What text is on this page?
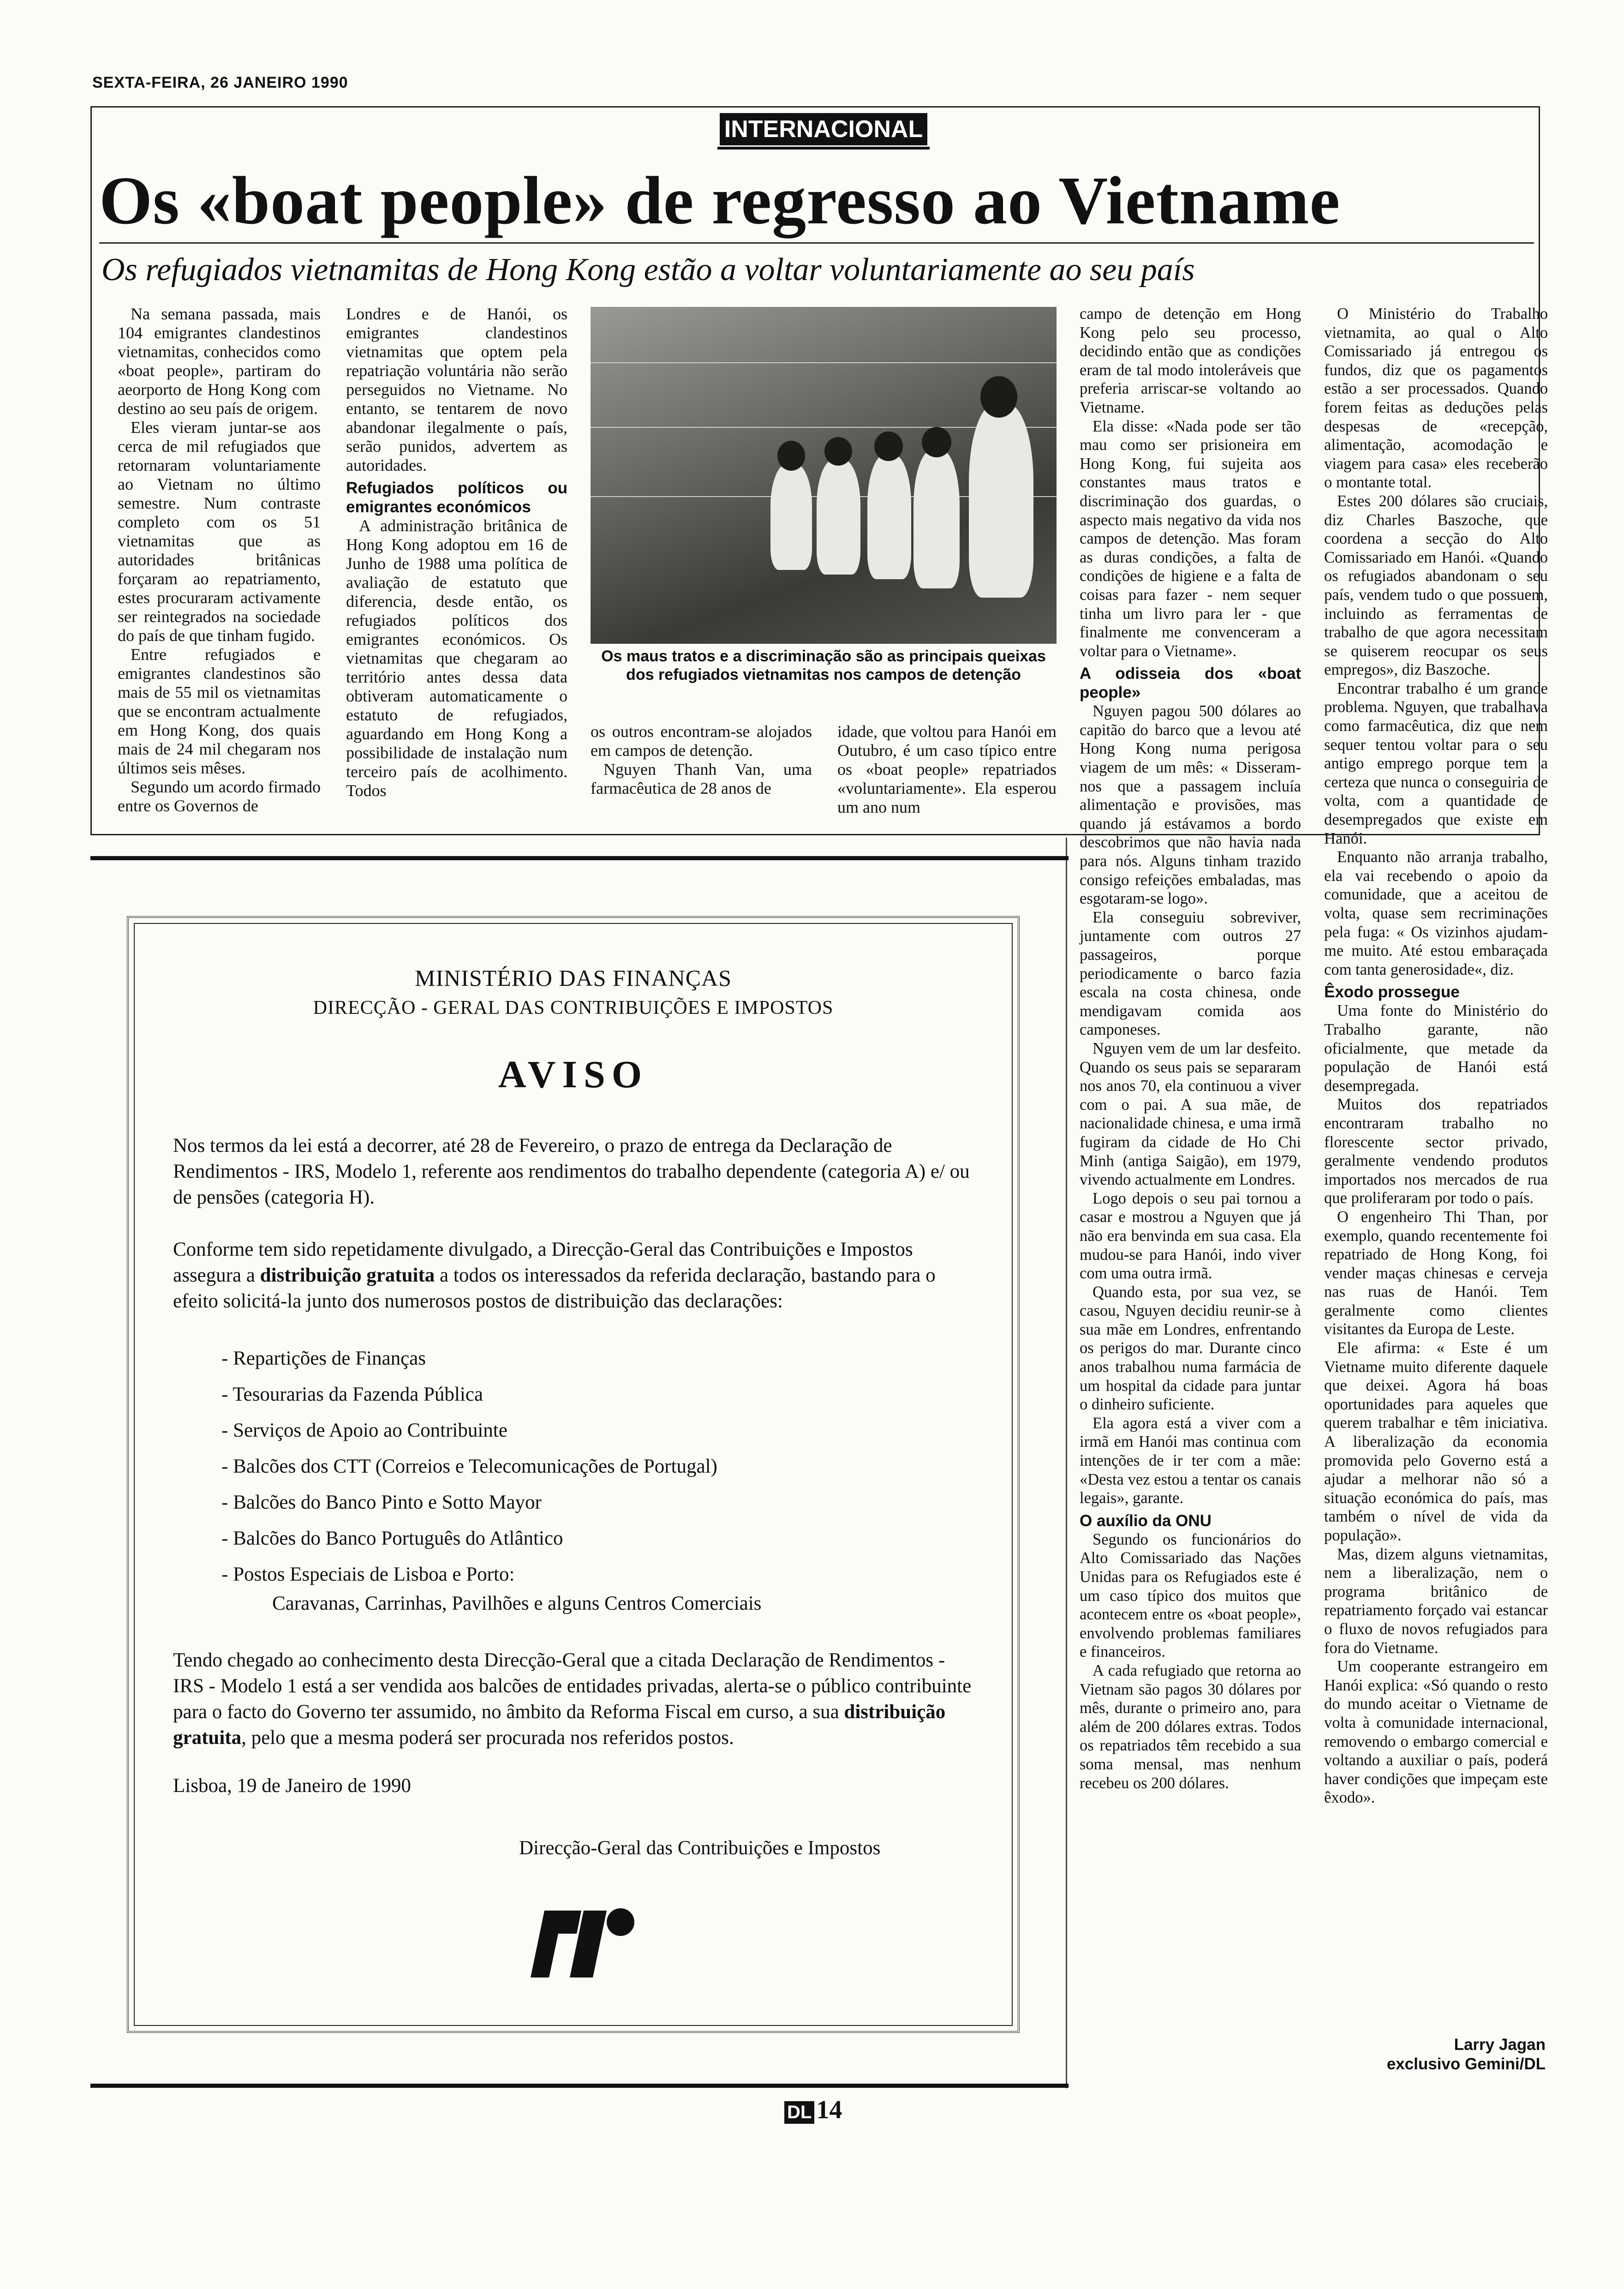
SEXTA-FEIRA, 26 JANEIRO 1990
INTERNACIONAL
Os «boat people» de regresso ao Vietname
Os refugiados vietnamitas de Hong Kong estão a voltar voluntariamente ao seu país

Na semana passada, mais 104 emigrantes clandestinos vietnamitas, conhecidos como «boat people», partiram do aeorporto de Hong Kong com destino ao seu país de origem.

Eles vieram juntar-se aos cerca de mil refugiados que retornaram voluntariamente ao Vietnam no último semestre. Num contraste completo com os 51 vietnamitas que as autoridades britânicas forçaram ao repatriamento, estes procuraram activamente ser reintegrados na sociedade do país de que tinham fugido.

Entre refugiados e emigrantes clandestinos são mais de 55 mil os vietnamitas que se encontram actualmente em Hong Kong, dos quais mais de 24 mil chegaram nos últimos seis mêses.

Segundo um acordo firmado entre os Governos de

Londres e de Hanói, os emigrantes clandestinos vietnamitas que optem pela repatriação voluntária não serão perseguidos no Vietname. No entanto, se tentarem de novo abandonar ilegalmente o país, serão punidos, advertem as autoridades.

Refugiados políticos ou emigrantes económicos

A administração britânica de Hong Kong adoptou em 16 de Junho de 1988 uma política de avaliação de estatuto que diferencia, desde então, os refugiados políticos dos emigrantes económicos. Os vietnamitas que chegaram ao território antes dessa data obtiveram automaticamente o estatuto de refugiados, aguardando em Hong Kong a possibilidade de instalação num terceiro país de acolhimento. Todos

Os maus tratos e a discriminação são as principais queixas dos refugiados vietnamitas nos campos de detenção

os outros encontram-se alojados em campos de detenção.

Nguyen Thanh Van, uma farmacêutica de 28 anos de

idade, que voltou para Hanói em Outubro, é um caso típico entre os «boat people» repatriados «voluntariamente». Ela esperou um ano num

campo de detenção em Hong Kong pelo seu processo, decidindo então que as condições eram de tal modo intoleráveis que preferia arriscar-se voltando ao Vietname.

Ela disse: «Nada pode ser tão mau como ser prisioneira em Hong Kong, fui sujeita aos constantes maus tratos e discriminação dos guardas, o aspecto mais negativo da vida nos campos de detenção. Mas foram as duras condições, a falta de condições de higiene e a falta de coisas para fazer - nem sequer tinha um livro para ler - que finalmente me convenceram a voltar para o Vietname».

A odisseia dos «boat people»

Nguyen pagou 500 dólares ao capitão do barco que a levou até Hong Kong numa perigosa viagem de um mês: « Disseram-nos que a passagem incluía alimentação e provisões, mas quando já estávamos a bordo descobrimos que não havia nada para nós. Alguns tinham trazido consigo refeições embaladas, mas esgotaram-se logo».

Ela conseguiu sobreviver, juntamente com outros 27 passageiros, porque periodicamente o barco fazia escala na costa chinesa, onde mendigavam comida aos camponeses.

Nguyen vem de um lar desfeito. Quando os seus pais se separaram nos anos 70, ela continuou a viver com o pai. A sua mãe, de nacionalidade chinesa, e uma irmã fugiram da cidade de Ho Chi Minh (antiga Saigão), em 1979, vivendo actualmente em Londres.

Logo depois o seu pai tornou a casar e mostrou a Nguyen que já não era benvinda em sua casa. Ela mudou-se para Hanói, indo viver com uma outra irmã.

Quando esta, por sua vez, se casou, Nguyen decidiu reunir-se à sua mãe em Londres, enfrentando os perigos do mar. Durante cinco anos trabalhou numa farmácia de um hospital da cidade para juntar o dinheiro suficiente.

Ela agora está a viver com a irmã em Hanói mas continua com intenções de ir ter com a mãe: «Desta vez estou a tentar os canais legais», garante.

O auxílio da ONU

Segundo os funcionários do Alto Comissariado das Nações Unidas para os Refugiados este é um caso típico dos muitos que acontecem entre os «boat people», envolvendo problemas familiares e financeiros.

A cada refugiado que retorna ao Vietnam são pagos 30 dólares por mês, durante o primeiro ano, para além de 200 dólares extras. Todos os repatriados têm recebido a sua soma mensal, mas nenhum recebeu os 200 dólares.

O Ministério do Trabalho vietnamita, ao qual o Alto Comissariado já entregou os fundos, diz que os pagamentos estão a ser processados. Quando forem feitas as deduções pelas despesas de «recepção, alimentação, acomodação e viagem para casa» eles receberão o montante total.

Estes 200 dólares são cruciais, diz Charles Baszoche, que coordena a secção do Alto Comissariado em Hanói. «Quando os refugiados abandonam o seu país, vendem tudo o que possuem, incluindo as ferramentas de trabalho de que agora necessitam se quiserem reocupar os seus empregos», diz Baszoche.

Encontrar trabalho é um grande problema. Nguyen, que trabalhava como farmacêutica, diz que nem sequer tentou voltar para o seu antigo emprego porque tem a certeza que nunca o conseguiria de volta, com a quantidade de desempregados que existe em Hanói.

Enquanto não arranja trabalho, ela vai recebendo o apoio da comunidade, que a aceitou de volta, quase sem recriminações pela fuga: « Os vizinhos ajudam-me muito. Até estou embaraçada com tanta generosidade«, diz.

Êxodo prossegue

Uma fonte do Ministério do Trabalho garante, não oficialmente, que metade da população de Hanói está desempregada.

Muitos dos repatriados encontraram trabalho no florescente sector privado, geralmente vendendo produtos importados nos mercados de rua que proliferaram por todo o país.

O engenheiro Thi Than, por exemplo, quando recentemente foi repatriado de Hong Kong, foi vender maças chinesas e cerveja nas ruas de Hanói. Tem geralmente como clientes visitantes da Europa de Leste.

Ele afirma: « Este é um Vietname muito diferente daquele que deixei. Agora há boas oportunidades para aqueles que querem trabalhar e têm iniciativa. A liberalização da economia promovida pelo Governo está a ajudar a melhorar não só a situação económica do país, mas também o nível de vida da população».

Mas, dizem alguns vietnamitas, nem a liberalização, nem o programa britânico de repatriamento forçado vai estancar o fluxo de novos refugiados para fora do Vietname.

Um cooperante estrangeiro em Hanói explica: «Só quando o resto do mundo aceitar o Vietname de volta à comunidade internacional, removendo o embargo comercial e voltando a auxiliar o país, poderá haver condições que impeçam este êxodo».

Larry Jagan
exclusivo Gemini/DL
MINISTÉRIO DAS FINANÇAS
DIRECÇÃO - GERAL DAS CONTRIBUIÇÕES E IMPOSTOS
AVISO
Nos termos da lei está a decorrer, até 28 de Fevereiro, o prazo de entrega da Declaração de Rendimentos - IRS, Modelo 1, referente aos rendimentos do trabalho dependente (categoria A) e/ ou de pensões (categoria H).
Conforme tem sido repetidamente divulgado, a Direcção-Geral das Contribuições e Impostos assegura a distribuição gratuita a todos os interessados da referida declaração, bastando para o efeito solicitá-la junto dos numerosos postos de distribuição das declarações:
- Repartições de Finanças
- Tesourarias da Fazenda Pública
- Serviços de Apoio ao Contribuinte
- Balcões dos CTT (Correios e Telecomunicações de Portugal)
- Balcões do Banco Pinto e Sotto Mayor
- Balcões do Banco Português do Atlântico
- Postos Especiais de Lisboa e Porto:
Caravanas, Carrinhas, Pavilhões e alguns Centros Comerciais
Tendo chegado ao conhecimento desta Direcção-Geral que a citada Declaração de Rendimentos - IRS - Modelo 1 está a ser vendida aos balcões de entidades privadas, alerta-se o público contribuinte para o facto do Governo ter assumido, no âmbito da Reforma Fiscal em curso, a sua distribuição gratuita, pelo que a mesma poderá ser procurada nos referidos postos.
Lisboa, 19 de Janeiro de 1990
Direcção-Geral das Contribuições e Impostos
DL 14
